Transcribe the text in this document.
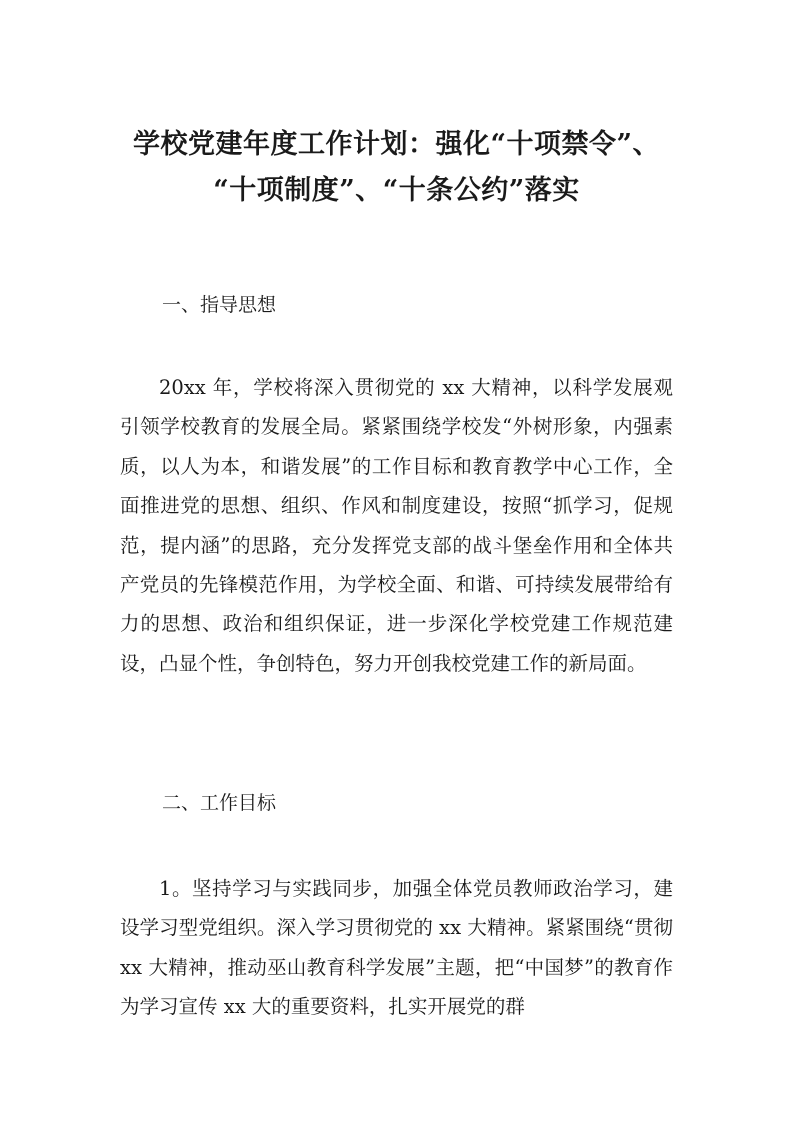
学校党建年度工作计划：强化“十项禁令”、
“十项制度”、“十条公约”落实

一、指导思想

20xx 年，学校将深入贯彻党的 xx 大精神，以科学发展观引领学校教育的发展全局。紧紧围绕学校发“外树形象，内强素质，以人为本，和谐发展”的工作目标和教育教学中心工作，全面推进党的思想、组织、作风和制度建设，按照“抓学习，促规范，提内涵”的思路，充分发挥党支部的战斗堡垒作用和全体共产党员的先锋模范作用，为学校全面、和谐、可持续发展带给有力的思想、政治和组织保证，进一步深化学校党建工作规范建设，凸显个性，争创特色，努力开创我校党建工作的新局面。

二、工作目标

1。坚持学习与实践同步，加强全体党员教师政治学习，建设学习型党组织。深入学习贯彻党的 xx 大精神。紧紧围绕“贯彻 xx 大精神，推动巫山教育科学发展”主题，把“中国梦”的教育作为学习宣传 xx 大的重要资料，扎实开展党的群
